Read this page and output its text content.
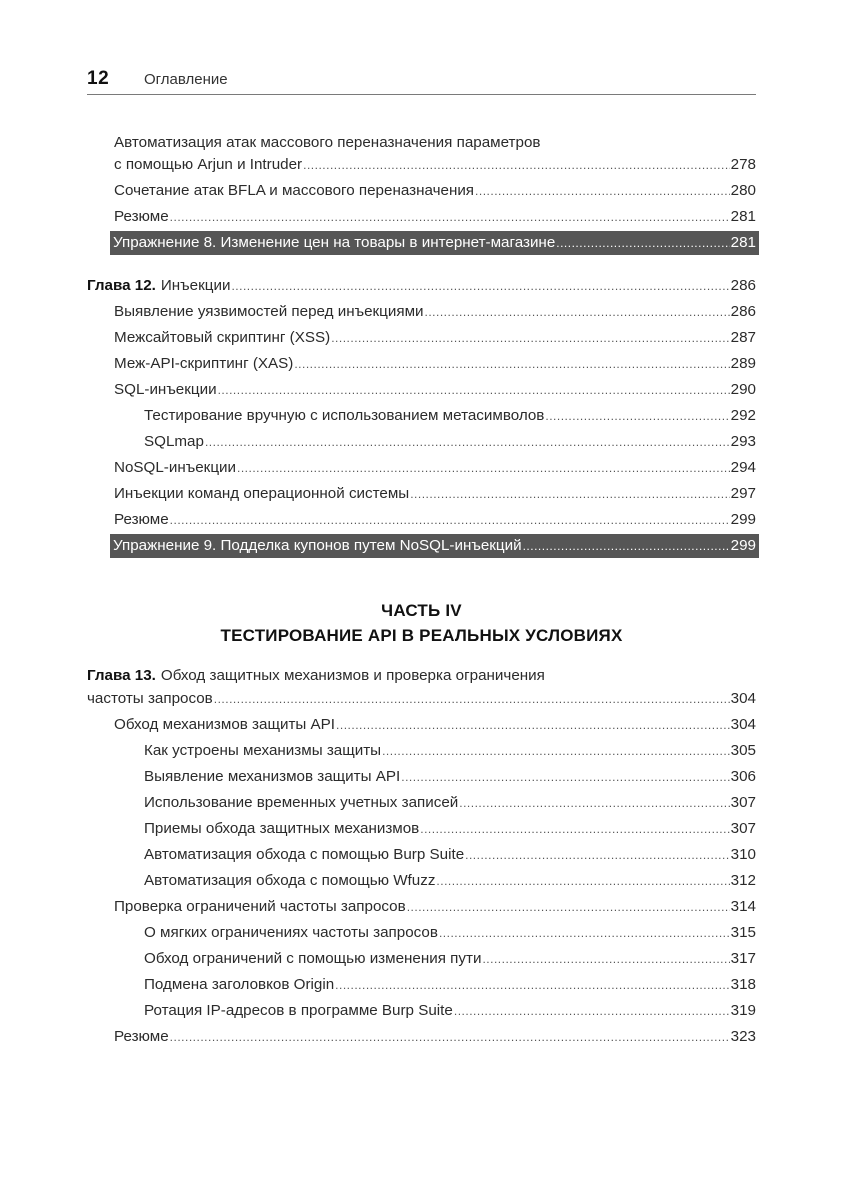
12 Оглавление
Автоматизация атак массового переназначения параметров
с помощью Arjun и Intruder .....	278
Сочетание атак BFLA и массового переназначения .....	280
Резюме .....	281
Упражнение 8. Изменение цен на товары в интернет-магазине .....	281
Глава 12. Инъекции .....	286
Выявление уязвимостей перед инъекциями .....	286
Межсайтовый скриптинг (XSS) .....	287
Меж-API-скриптинг (XAS) .....	289
SQL-инъекции .....	290
Тестирование вручную с использованием метасимволов .....	292
SQLmap .....	293
NoSQL-инъекции .....	294
Инъекции команд операционной системы .....	297
Резюме .....	299
Упражнение 9. Подделка купонов путем NoSQL-инъекций .....	299
ЧАСТЬ IV
ТЕСТИРОВАНИЕ API В РЕАЛЬНЫХ УСЛОВИЯХ
Глава 13. Обход защитных механизмов и проверка ограничения
частоты запросов .....	304
Обход механизмов защиты API .....	304
Как устроены механизмы защиты .....	305
Выявление механизмов защиты API .....	306
Использование временных учетных записей .....	307
Приемы обхода защитных механизмов .....	307
Автоматизация обхода с помощью Burp Suite .....	310
Автоматизация обхода с помощью Wfuzz .....	312
Проверка ограничений частоты запросов .....	314
О мягких ограничениях частоты запросов .....	315
Обход ограничений с помощью изменения пути .....	317
Подмена заголовков Origin .....	318
Ротация IP-адресов в программе Burp Suite .....	319
Резюме .....	323
